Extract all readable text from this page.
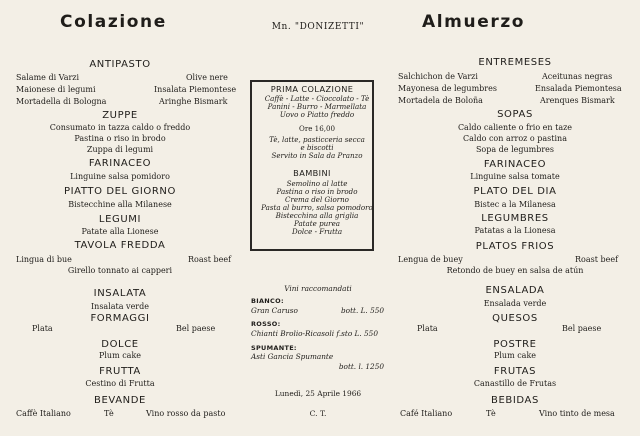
Colazione
ANTIPASTO
Salame di Varzi	Olive nere
Maionese di legumi	Insalata Piemontese
Mortadella di Bologna	Aringhe Bismark
ZUPPE
Consumato in tazza caldo o freddo
Pastina o riso in brodo
Zuppa di legumi
FARINACEO
Linguine salsa pomidoro
PIATTO DEL GIORNO
Bistecchine alla Milanese
LEGUMI
Patate alla Lionese
TAVOLA FREDDA
Lingua di bue	Roast beef
Girello tonnato ai capperi
INSALATA
Insalata verde
FORMAGGI
Plata	Bel paese
DOLCE
Plum cake
FRUTTA
Cestino di Frutta
BEVANDE
Caffè Italiano	Tè	Vino rosso da pasto
Mn. "DONIZETTI"
PRIMA COLAZIONE
Caffè - Latte - Cioccolato - Tè
Panini - Burro - Marmellata
Uovo o Piatto freddo
Ore 16,00
Tè, latte, pasticceria secca
e biscotti
Servito in Sala da Pranzo
BAMBINI
Semolino al latte
Pastina o riso in brodo
Crema del Giorno
Pasta al burro, salsa pomodoro
Bistecchina alla griglia
Patate purea
Dolce - Frutta
Vini raccomandati
BIANCO:
Gran Caruso	bott. L. 550
ROSSO:
Chianti Brolio-Ricasoli f.sto L. 550
SPUMANTE:
Asti Gancia Spumante
bott. l. 1250
Lunedì, 25 Aprile 1966
C. T.
Almuerzo
ENTREMESES
Salchichon de Varzi	Aceitunas negras
Mayonesa de legumbres	Ensalada Piemontesa
Mortadela de Boloña	Arenques Bismark
SOPAS
Caldo caliente o frio en taze
Caldo con arroz o pastina
Sopa de legumbres
FARINACEO
Linguine salsa tomate
PLATO DEL DIA
Bistec a la Milanesa
LEGUMBRES
Patatas a la Lionesa
PLATOS FRIOS
Lengua de buey	Roast beef
Retondo de buey en salsa de atún
ENSALADA
Ensalada verde
QUESOS
Plata	Bel paese
POSTRE
Plum cake
FRUTAS
Canastillo de Frutas
BEBIDAS
Café Italiano	Tè	Vino tinto de mesa
